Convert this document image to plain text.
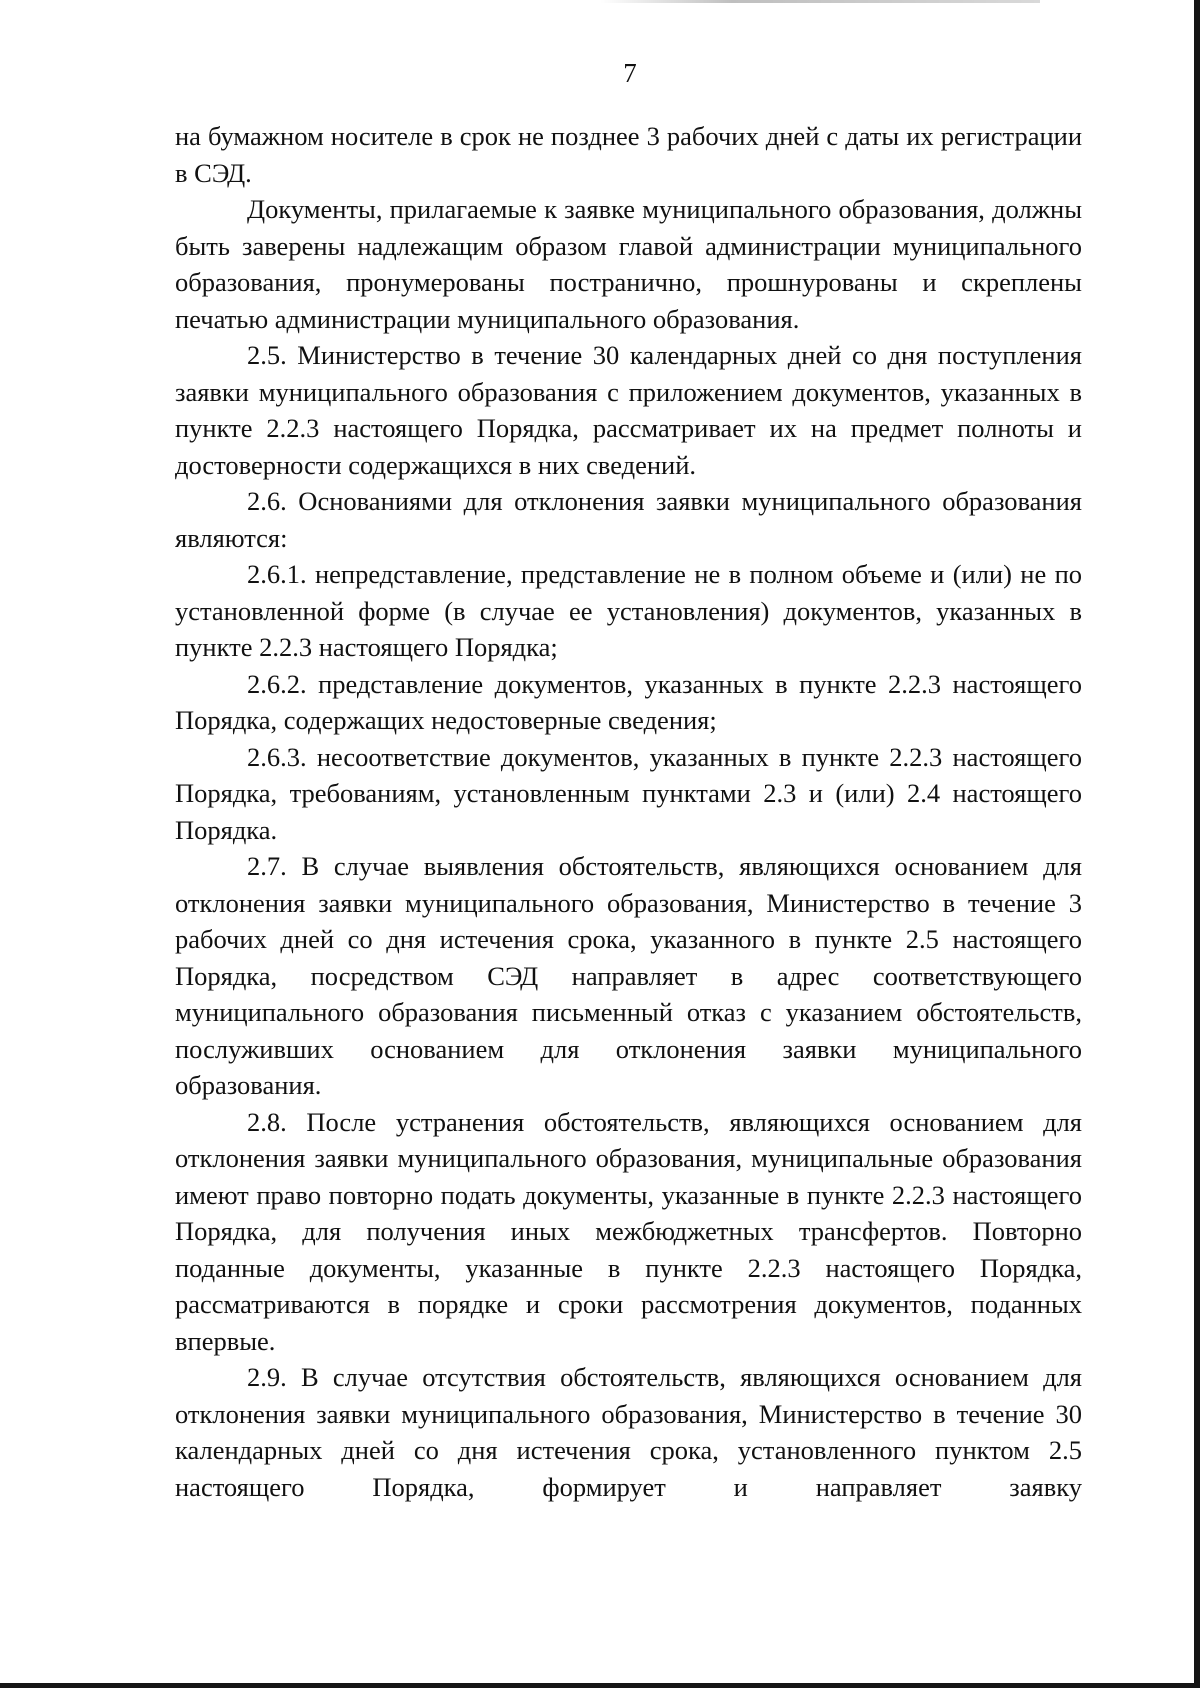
7

на бумажном носителе в срок не позднее 3 рабочих дней с даты их регистрации в СЭД.

Документы, прилагаемые к заявке муниципального образования, должны быть заверены надлежащим образом главой администрации муниципального образования, пронумерованы постранично, прошнурованы и скреплены печатью администрации муниципального образования.

2.5. Министерство в течение 30 календарных дней со дня поступления заявки муниципального образования с приложением документов, указанных в пункте 2.2.3 настоящего Порядка, рассматривает их на предмет полноты и достоверности содержащихся в них сведений.

2.6. Основаниями для отклонения заявки муниципального образования являются:

2.6.1. непредставление, представление не в полном объеме и (или) не по установленной форме (в случае ее установления) документов, указанных в пункте 2.2.3 настоящего Порядка;

2.6.2. представление документов, указанных в пункте 2.2.3 настоящего Порядка, содержащих недостоверные сведения;

2.6.3. несоответствие документов, указанных в пункте 2.2.3 настоящего Порядка, требованиям, установленным пунктами 2.3 и (или) 2.4 настоящего Порядка.

2.7. В случае выявления обстоятельств, являющихся основанием для отклонения заявки муниципального образования, Министерство в течение 3 рабочих дней со дня истечения срока, указанного в пункте 2.5 настоящего Порядка, посредством СЭД направляет в адрес соответствующего муниципального образования письменный отказ с указанием обстоятельств, послуживших основанием для отклонения заявки муниципального образования.

2.8. После устранения обстоятельств, являющихся основанием для отклонения заявки муниципального образования, муниципальные образования имеют право повторно подать документы, указанные в пункте 2.2.3 настоящего Порядка, для получения иных межбюджетных трансфертов. Повторно поданные документы, указанные в пункте 2.2.3 настоящего Порядка, рассматриваются в порядке и сроки рассмотрения документов, поданных впервые.

2.9. В случае отсутствия обстоятельств, являющихся основанием для отклонения заявки муниципального образования, Министерство в течение 30 календарных дней со дня истечения срока, установленного пунктом 2.5 настоящего Порядка, формирует и направляет заявку
